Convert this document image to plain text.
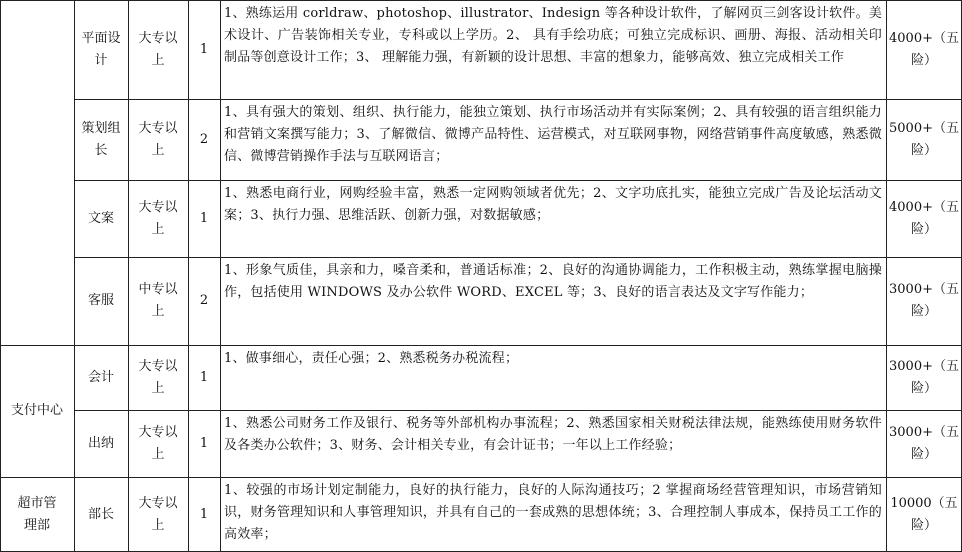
支付中心
超市管理部
平面设计
大专以上
1
1、熟练运用 corldraw、photoshop、illustrator、Indesign 等各种设计软件，了解网页三剑客设计软件。美术设计、广告装饰相关专业，专科或以上学历。2、 具有手绘功底；可独立完成标识、画册、海报、活动相关印制品等创意设计工作；3、 理解能力强，有新颖的设计思想、丰富的想象力，能够高效、独立完成相关工作
4000+（五险）
策划组长
大专以上
2
1、具有强大的策划、组织、执行能力，能独立策划、执行市场活动并有实际案例；2、具有较强的语言组织能力和营销文案撰写能力；3、了解微信、微博产品特性、运营模式，对互联网事物，网络营销事件高度敏感，熟悉微信、微博营销操作手法与互联网语言；
5000+（五险）
文案
大专以上
1
1、熟悉电商行业，网购经验丰富，熟悉一定网购领域者优先；2、文字功底扎实，能独立完成广告及论坛活动文案；3、执行力强、思维活跃、创新力强，对数据敏感；
4000+（五险）
客服
中专以上
2
1、形象气质佳，具亲和力，嗓音柔和，普通话标准；2、良好的沟通协调能力，工作积极主动，熟练掌握电脑操作，包括使用 WINDOWS 及办公软件 WORD、EXCEL 等；3、良好的语言表达及文字写作能力；	3000+（五险）
会计
大专以上
1
1、做事细心，责任心强；2、熟悉税务办税流程；	3000+（五险）
出纳
大专以上
1
1、熟悉公司财务工作及银行、税务等外部机构办事流程；2、熟悉国家相关财税法律法规，能熟练使用财务软件及各类办公软件；3、财务、会计相关专业，有会计证书；一年以上工作经验；
3000+（五险）
部长
大专以上
1
1、较强的市场计划定制能力，良好的执行能力，良好的人际沟通技巧；2 掌握商场经营管理知识，市场营销知识，财务管理知识和人事管理知识，并具有自己的一套成熟的思想体统；3、合理控制人事成本，保持员工工作的高效率；
10000（五险）
